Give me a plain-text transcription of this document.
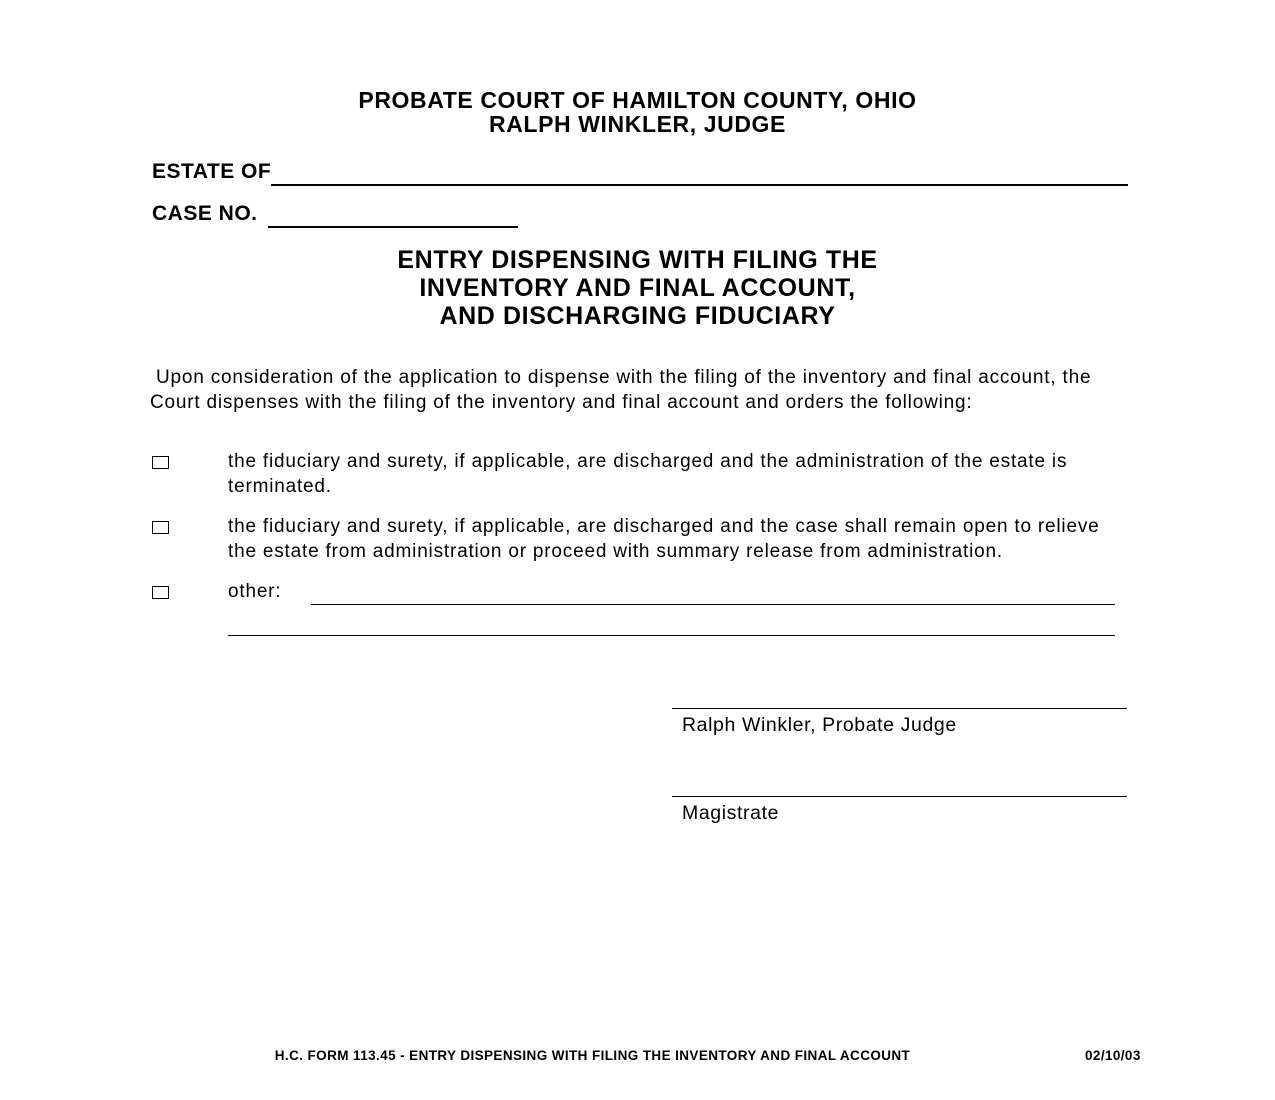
PROBATE COURT OF HAMILTON COUNTY, OHIO
RALPH WINKLER, JUDGE
ESTATE OF
CASE NO.
ENTRY DISPENSING WITH FILING THE
INVENTORY AND FINAL ACCOUNT,
AND DISCHARGING FIDUCIARY

Upon consideration of the application to dispense with the filing of the inventory and final account, the Court dispenses with the filing of the inventory and final account and orders the following:

the fiduciary and surety, if applicable, are discharged and the administration of the estate is terminated.
the fiduciary and surety, if applicable, are discharged and the case shall remain open to relieve the estate from administration or proceed with summary release from administration.
other:
Ralph Winkler, Probate Judge
Magistrate
H.C. FORM 113.45 - ENTRY DISPENSING WITH FILING THE INVENTORY AND FINAL ACCOUNT	02/10/03
